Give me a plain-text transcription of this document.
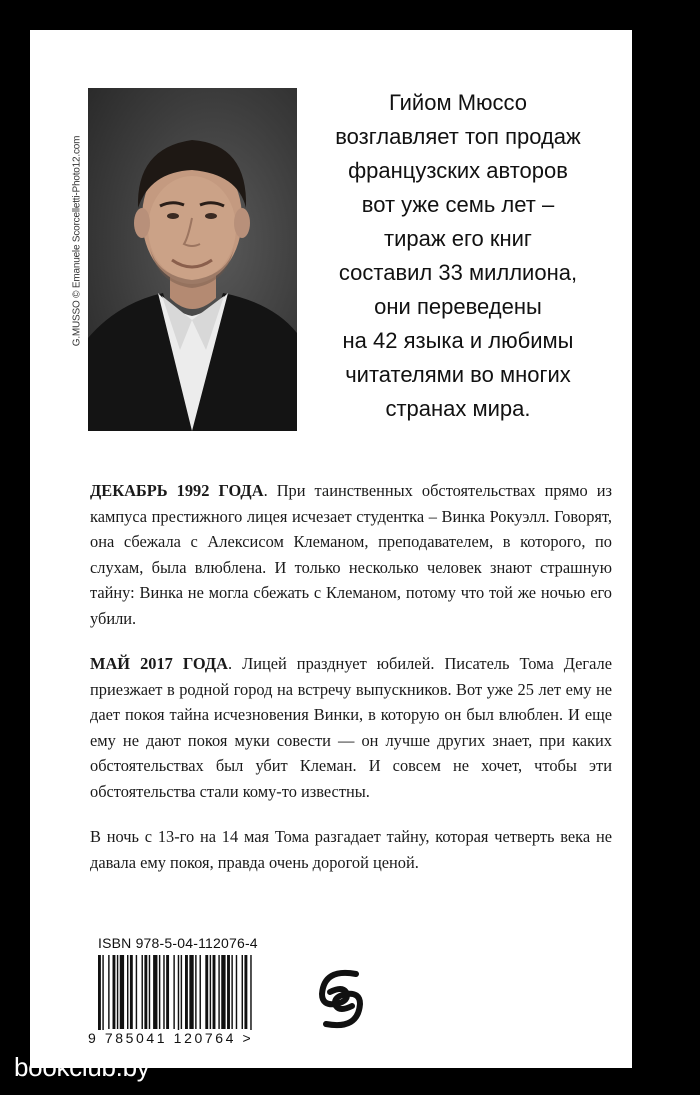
G.MUSSO © Emanuele Scorcelletti-Photo12.com
Гийом Мюссо
возглавляет топ продаж
французских авторов
вот уже семь лет –
тираж его книг
составил 33 миллиона,
они переведены
на 42 языка и любимы
читателями во многих
странах мира.

ДЕКАБРЬ 1992 ГОДА. При таинственных обстоятельствах прямо из кампуса престижного лицея исчезает студентка – Винка Рокуэлл. Говорят, она сбежала с Алексисом Клеманом, преподавателем, в которого, по слухам, была влюблена. И только несколько человек знают страшную тайну: Винка не могла сбежать с Клеманом, потому что той же ночью его убили.

МАЙ 2017 ГОДА. Лицей празднует юбилей. Писатель Тома Дегале приезжает в родной город на встречу выпускников. Вот уже 25 лет ему не дает покоя тайна исчезновения Винки, в которую он был влюблен. И еще ему не дают покоя муки совести — он лучше других знает, при каких обстоятельствах был убит Клеман. И совсем не хочет, чтобы эти обстоятельства стали кому-то известны.

В ночь с 13-го на 14 мая Тома разгадает тайну, которая четверть века не давала ему покоя, правда очень дорогой ценой.

ISBN 978-5-04-112076-4
9 785041 120764 >
bookclub.by
